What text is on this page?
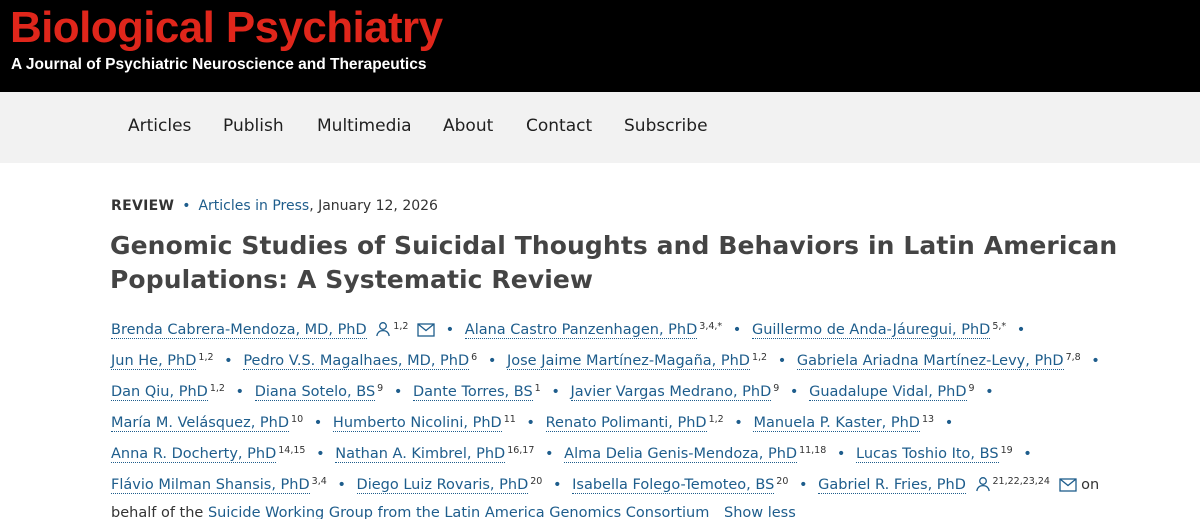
Biological Psychiatry
A Journal of Psychiatric Neuroscience and Therapeutics
Articles Publish Multimedia About Contact Subscribe
REVIEW • Articles in Press, January 12, 2026
Genomic Studies of Suicidal Thoughts and Behaviors in Latin American Populations: A Systematic Review
Brenda Cabrera-Mendoza, MD, PhD	$^{1,2}$	• Alana Castro Panzenhagen, PhD $^{3,4,*}$ • Guillermo de Anda-Jáuregui, PhD $^{5,*}$ •
Jun He, PhD $^{1,2}$ • Pedro V.S. Magalhaes, MD, PhD $^6$ • Jose Jaime Martínez-Magaña, PhD $^{1,2}$ • Gabriela Ariadna Martínez-Levy, PhD $^{7,8}$ •
Dan Qiu, PhD $^{1,2}$ • Diana Sotelo, BS $^9$ • Dante Torres, BS $^1$ • Javier Vargas Medrano, PhD $^9$ • Guadalupe Vidal, PhD $^9$ •
María M. Velásquez, PhD $^{10}$ • Humberto Nicolini, PhD $^{11}$ • Renato Polimanti, PhD $^{1,2}$ • Manuela P. Kaster, PhD $^{13}$ •
Anna R. Docherty, PhD $^{14,15}$ • Nathan A. Kimbrel, PhD $^{16,17}$ • Alma Delia Genis-Mendoza, PhD $^{11,18}$ • Lucas Toshio Ito, BS $^{19}$ •
Flávio Milman Shansis, PhD $^{3,4}$ • Diego Luiz Rovaris, PhD $^{20}$ • Isabella Folego-Temoteo, BS $^{20}$ • Gabriel R. Fries, PhD	$^{21,22,23,24}$ on
behalf of the Suicide Working Group from the Latin America Genomics Consortium Show less
